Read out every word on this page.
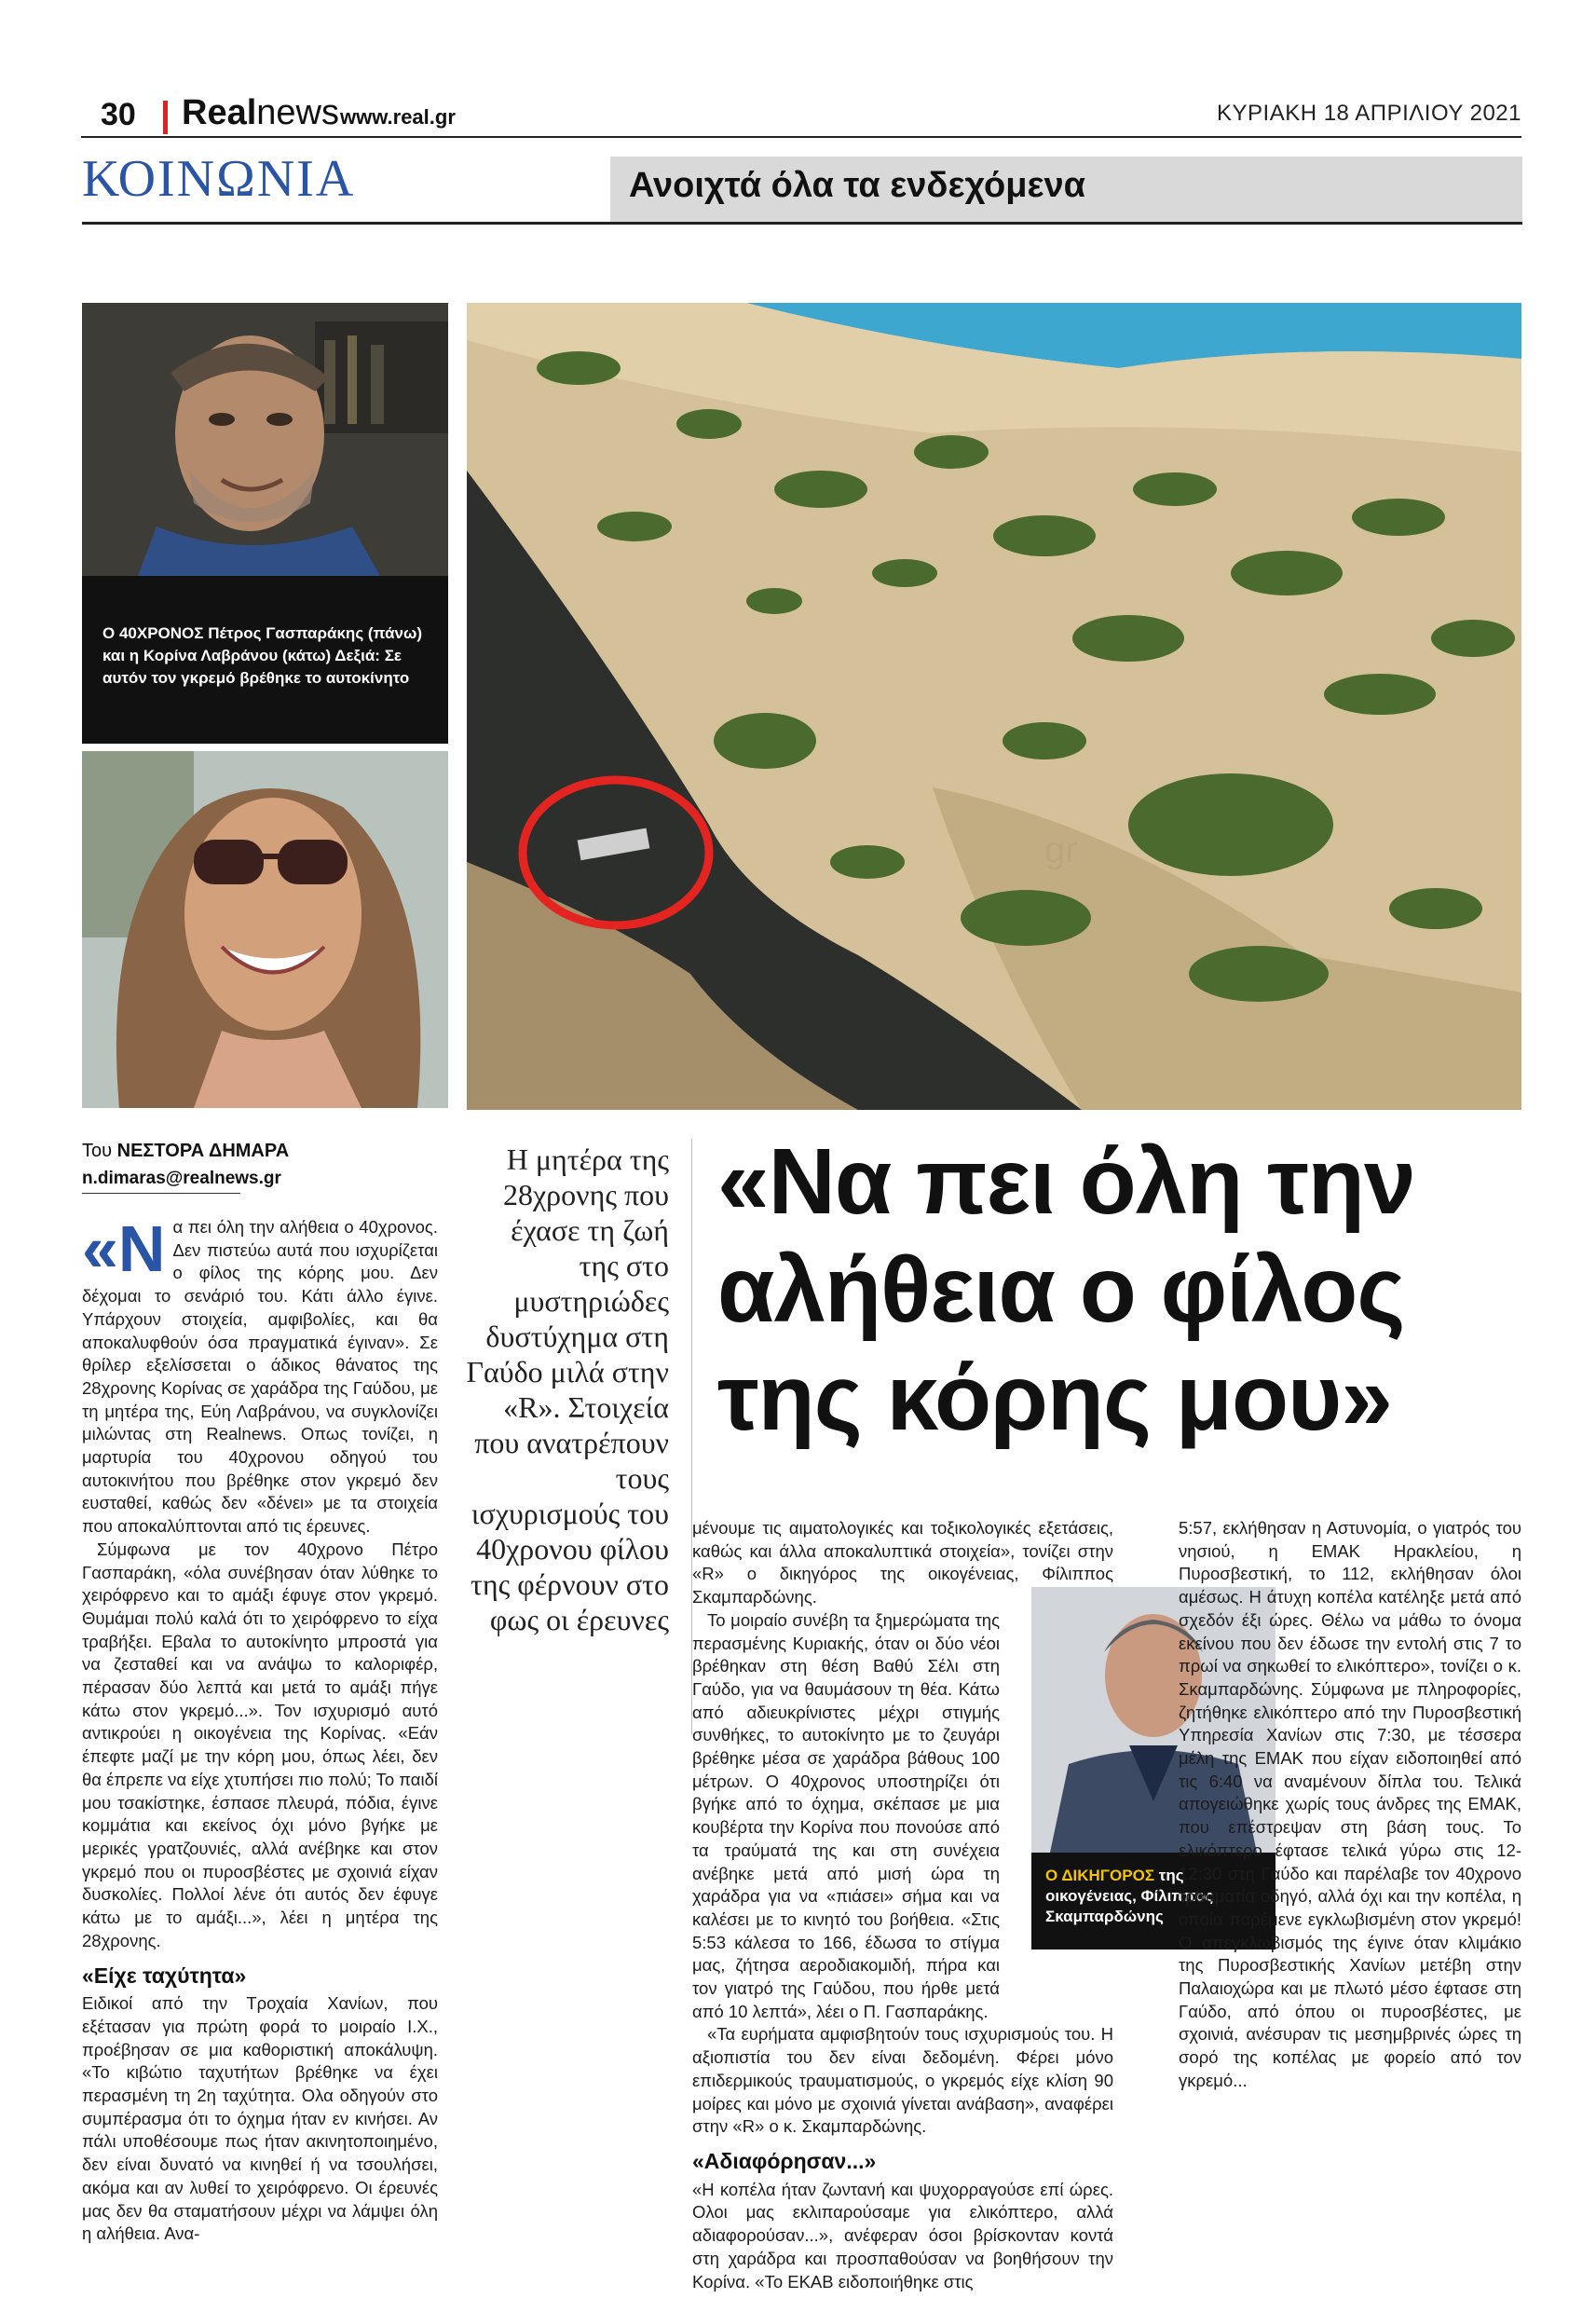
30 Realnews www.real.gr	ΚΥΡΙΑΚΗ 18 ΑΠΡΙΛΙΟΥ 2021
ΚΟΙΝΩΝΙΑ	Ανοιχτά όλα τα ενδεχόμενα
Ο 40ΧΡΟΝΟΣ Πέτρος Γασπαράκης (πάνω) και η Κορίνα Λαβράνου (κάτω) Δεξιά: Σε αυτόν τον γκρεμό βρέθηκε το αυτοκίνητο
gr
Του ΝΕΣΤΟΡΑ ΔΗΜΑΡΑ
n.dimaras@realnews.gr
Η μητέρα της 28χρονης που έχασε τη ζωή της στο μυστηριώδες δυστύχημα στη Γαύδο μιλά στην «R». Στοιχεία που ανατρέπουν τους ισχυρισμούς του 40χρονου φίλου της φέρνουν στο φως οι έρευνες
«Να πει όλη την αλήθεια ο φίλος της κόρης μου»

«Να πει όλη την αλήθεια ο 40χρονος. Δεν πιστεύω αυτά που ισχυρίζεται ο φίλος της κόρης μου. Δεν δέχομαι το σενάριό του. Κάτι άλλο έγινε. Υπάρχουν στοιχεία, αμφιβολίες, και θα αποκαλυφθούν όσα πραγματικά έγιναν». Σε θρίλερ εξελίσσεται ο άδικος θάνατος της 28χρονης Κορίνας σε χαράδρα της Γαύδου, με τη μητέρα της, Εύη Λαβράνου, να συγκλονίζει μιλώντας στη Realnews. Οπως τονίζει, η μαρτυρία του 40χρονου οδηγού του αυτοκινήτου που βρέθηκε στον γκρεμό δεν ευσταθεί, καθώς δεν «δένει» με τα στοιχεία που αποκαλύπτονται από τις έρευνες.

Σύμφωνα με τον 40χρονο Πέτρο Γασπαράκη, «όλα συνέβησαν όταν λύθηκε το χειρόφρενο και το αμάξι έφυγε στον γκρεμό. Θυμάμαι πολύ καλά ότι το χειρόφρενο το είχα τραβήξει. Εβαλα το αυτοκίνητο μπροστά για να ζεσταθεί και να ανάψω το καλοριφέρ, πέρασαν δύο λεπτά και μετά το αμάξι πήγε κάτω στον γκρεμό...». Τον ισχυρισμό αυτό αντικρούει η οικογένεια της Κορίνας. «Εάν έπεφτε μαζί με την κόρη μου, όπως λέει, δεν θα έπρεπε να είχε χτυπήσει πιο πολύ; Το παιδί μου τσακίστηκε, έσπασε πλευρά, πόδια, έγινε κομμάτια και εκείνος όχι μόνο βγήκε με μερικές γρατζουνιές, αλλά ανέβηκε και στον γκρεμό που οι πυροσβέστες με σχοινιά είχαν δυσκολίες. Πολλοί λένε ότι αυτός δεν έφυγε κάτω με το αμάξι...», λέει η μητέρα της 28χρονης.

«Είχε ταχύτητα»

Ειδικοί από την Τροχαία Χανίων, που εξέτασαν για πρώτη φορά το μοιραίο Ι.Χ., προέβησαν σε μια καθοριστική αποκάλυψη. «Το κιβώτιο ταχυτήτων βρέθηκε να έχει περασμένη τη 2η ταχύτητα. Ολα οδηγούν στο συμπέρασμα ότι το όχημα ήταν εν κινήσει. Αν πάλι υποθέσουμε πως ήταν ακινητοποιημένο, δεν είναι δυνατό να κινηθεί ή να τσουλήσει, ακόμα και αν λυθεί το χειρόφρενο. Οι έρευνές μας δεν θα σταματήσουν μέχρι να λάμψει όλη η αλήθεια. Ανα-

μένουμε τις αιματολογικές και τοξικολογικές εξετάσεις, καθώς και άλλα αποκαλυπτικά στοιχεία», τονίζει στην «R» ο δικηγόρος της οικογένειας, Φίλιππος Σκαμπαρδώνης.

Το μοιραίο συνέβη τα ξημερώματα της περασμένης Κυριακής, όταν οι δύο νέοι βρέθηκαν στη θέση Βαθύ Σέλι στη Γαύδο, για να θαυμάσουν τη θέα. Κάτω από αδιευκρίνιστες μέχρι στιγμής συνθήκες, το αυτοκίνητο με το ζευγάρι βρέθηκε μέσα σε χαράδρα βάθους 100 μέτρων. Ο 40χρονος υποστηρίζει ότι βγήκε από το όχημα, σκέπασε με μια κουβέρτα την Κορίνα που πονούσε από τα τραύματά της και στη συνέχεια ανέβηκε μετά από μισή ώρα τη χαράδρα για να «πιάσει» σήμα και να καλέσει με το κινητό του βοήθεια. «Στις 5:53 κάλεσα το 166, έδωσα το στίγμα μας, ζήτησα αεροδιακομιδή, πήρα και τον γιατρό της Γαύδου, που ήρθε μετά από 10 λεπτά», λέει ο Π. Γασπαράκης.

«Τα ευρήματα αμφισβητούν τους ισχυρισμούς του. Η αξιοπιστία του δεν είναι δεδομένη. Φέρει μόνο επιδερμικούς τραυματισμούς, ο γκρεμός είχε κλίση 90 μοίρες και μόνο με σχοινιά γίνεται ανάβαση», αναφέρει στην «R» ο κ. Σκαμπαρδώνης.

«Αδιαφόρησαν...»

«Η κοπέλα ήταν ζωντανή και ψυχορραγούσε επί ώρες. Ολοι μας εκλιπαρούσαμε για ελικόπτερο, αλλά αδιαφορούσαν...», ανέφεραν όσοι βρίσκονταν κοντά στη χαράδρα και προσπαθούσαν να βοηθήσουν την Κορίνα. «Το ΕΚΑΒ ειδοποιήθηκε στις

Ο ΔΙΚΗΓΟΡΟΣ της οικογένειας, Φίλιππος Σκαμπαρδώνης

5:57, εκλήθησαν η Αστυνομία, ο γιατρός του νησιού, η ΕΜΑΚ Ηρακλείου, η Πυροσβεστική, το 112, εκλήθησαν όλοι αμέσως. Η άτυχη κοπέλα κατέληξε μετά από σχεδόν έξι ώρες. Θέλω να μάθω το όνομα εκείνου που δεν έδωσε την εντολή στις 7 το πρωί να σηκωθεί το ελικόπτερο», τονίζει ο κ. Σκαμπαρδώνης. Σύμφωνα με πληροφορίες, ζητήθηκε ελικόπτερο από την Πυροσβεστική Υπηρεσία Χανίων στις 7:30, με τέσσερα μέλη της ΕΜΑΚ που είχαν ειδοποιηθεί από τις 6:40 να αναμένουν δίπλα του. Τελικά απογειώθηκε χωρίς τους άνδρες της ΕΜΑΚ, που επέστρεψαν στη βάση τους. Το ελικόπτερο έφτασε τελικά γύρω στις 12-12:30 στη Γαύδο και παρέλαβε τον 40χρονο τραυματία οδηγό, αλλά όχι και την κοπέλα, η οποία παρέμενε εγκλωβισμένη στον γκρεμό! Ο απεγκλωβισμός της έγινε όταν κλιμάκιο της Πυροσβεστικής Χανίων μετέβη στην Παλαιοχώρα και με πλωτό μέσο έφτασε στη Γαύδο, από όπου οι πυροσβέστες, με σχοινιά, ανέσυραν τις μεσημβρινές ώρες τη σορό της κοπέλας με φορείο από τον γκρεμό...
